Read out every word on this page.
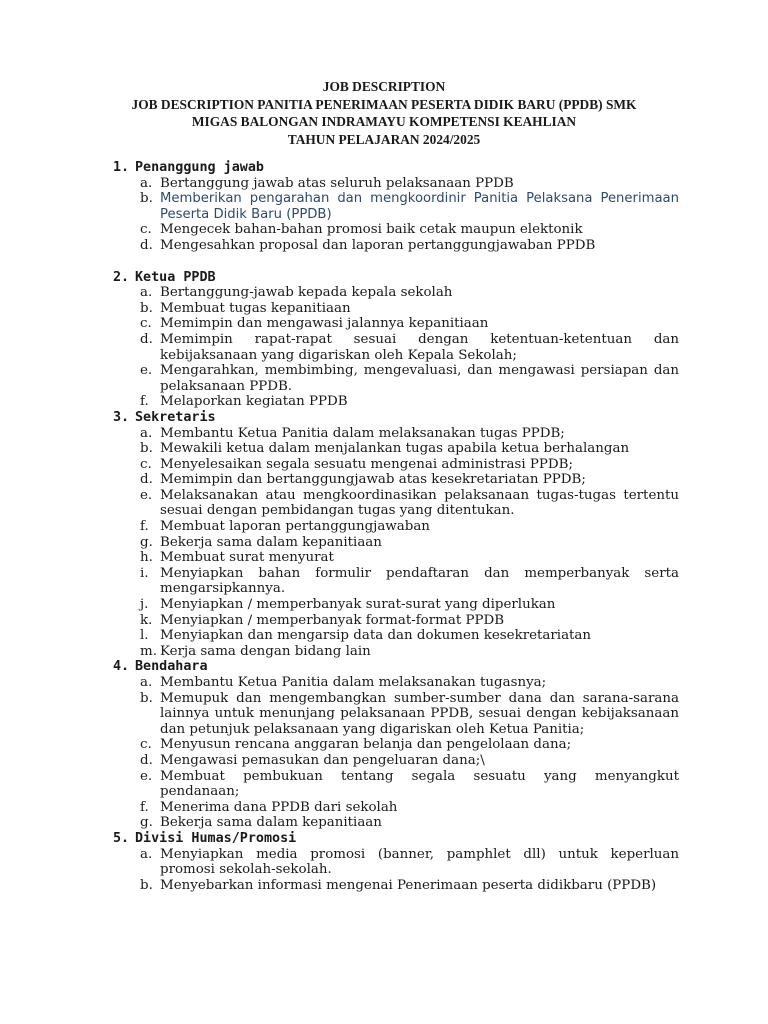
JOB DESCRIPTION
JOB DESCRIPTION PANITIA PENERIMAAN PESERTA DIDIK BARU (PPDB) SMK
MIGAS BALONGAN INDRAMAYU KOMPETENSI KEAHLIAN
TAHUN PELAJARAN 2024/2025
1. Penanggung jawab
a. Bertanggung jawab atas seluruh pelaksanaan PPDB
b. Memberikan pengarahan dan mengkoordinir Panitia Pelaksana Penerimaan Peserta Didik Baru (PPDB)
c. Mengecek bahan-bahan promosi baik cetak maupun elektonik
d. Mengesahkan proposal dan laporan pertanggungjawaban PPDB
2. Ketua PPDB
a. Bertanggung-jawab kepada kepala sekolah
b. Membuat tugas kepanitiaan
c. Memimpin dan mengawasi jalannya kepanitiaan
d. Memimpin rapat-rapat sesuai dengan ketentuan-ketentuan dan kebijaksanaan yang digariskan oleh Kepala Sekolah;
e. Mengarahkan, membimbing, mengevaluasi, dan mengawasi persiapan dan pelaksanaan PPDB.
f. Melaporkan kegiatan PPDB
3. Sekretaris
a. Membantu Ketua Panitia dalam melaksanakan tugas PPDB;
b. Mewakili ketua dalam menjalankan tugas apabila ketua berhalangan
c. Menyelesaikan segala sesuatu mengenai administrasi PPDB;
d. Memimpin dan bertanggungjawab atas kesekretariatan PPDB;
e. Melaksanakan atau mengkoordinasikan pelaksanaan tugas-tugas tertentu sesuai dengan pembidangan tugas yang ditentukan.
f. Membuat laporan pertanggungjawaban
g. Bekerja sama dalam kepanitiaan
h. Membuat surat menyurat
i. Menyiapkan bahan formulir pendaftaran dan memperbanyak serta mengarsipkannya.
j. Menyiapkan / memperbanyak surat-surat yang diperlukan
k. Menyiapkan / memperbanyak format-format PPDB
l. Menyiapkan dan mengarsip data dan dokumen kesekretariatan
m. Kerja sama dengan bidang lain
4. Bendahara
a. Membantu Ketua Panitia dalam melaksanakan tugasnya;
b. Memupuk dan mengembangkan sumber-sumber dana dan sarana-sarana lainnya untuk menunjang pelaksanaan PPDB, sesuai dengan kebijaksanaan dan petunjuk pelaksanaan yang digariskan oleh Ketua Panitia;
c. Menyusun rencana anggaran belanja dan pengelolaan dana;
d. Mengawasi pemasukan dan pengeluaran dana;\
e. Membuat pembukuan tentang segala sesuatu yang menyangkut pendanaan;
f. Menerima dana PPDB dari sekolah
g. Bekerja sama dalam kepanitiaan
5. Divisi Humas/Promosi
a. Menyiapkan media promosi (banner, pamphlet dll) untuk keperluan promosi sekolah-sekolah.
b. Menyebarkan informasi mengenai Penerimaan peserta didikbaru (PPDB)
